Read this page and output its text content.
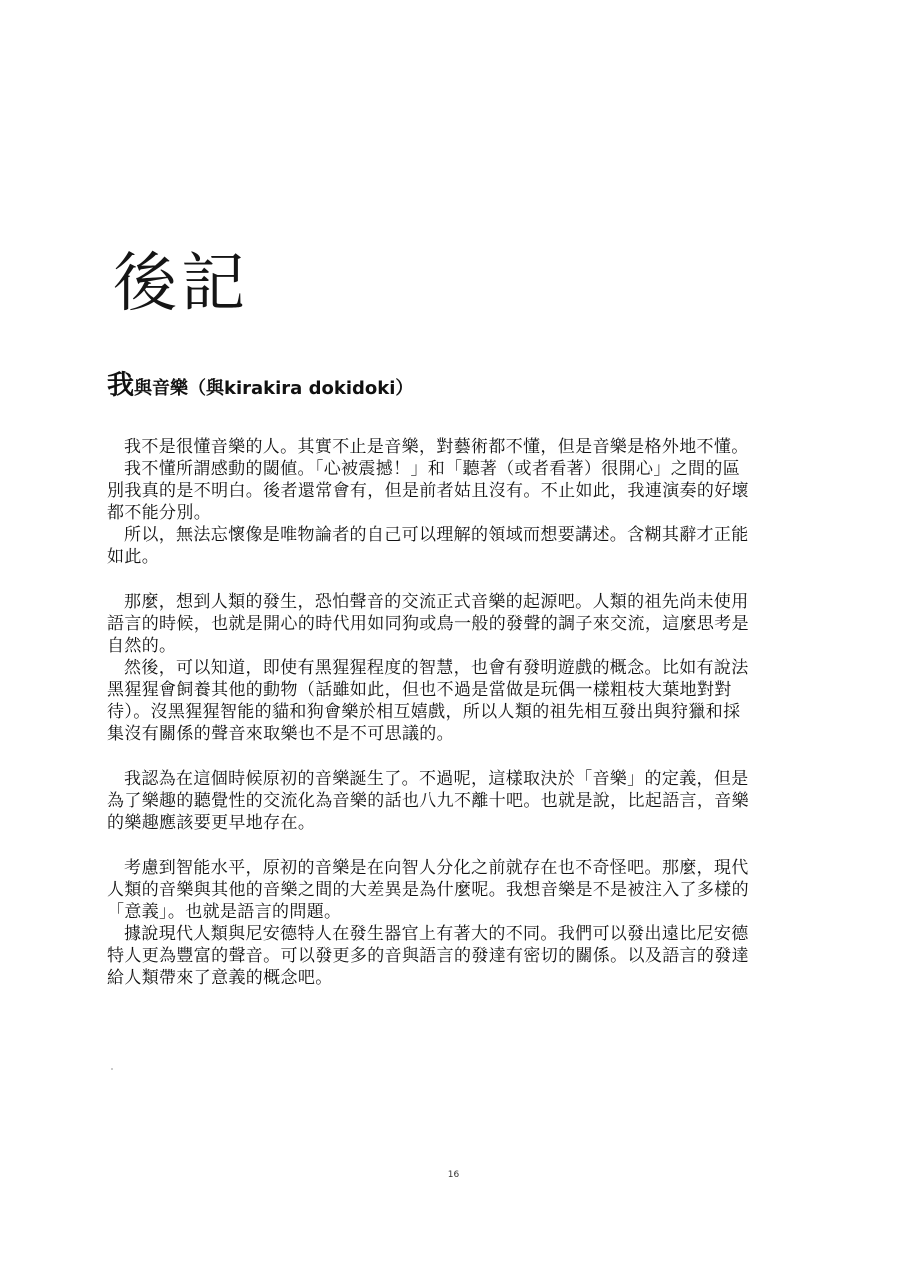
後記
我與音樂（與kirakira dokidoki）
我不是很懂音樂的人。其實不止是音樂，對藝術都不懂，但是音樂是格外地不懂。
我不懂所謂感動的閾値。「心被震撼！」和「聽著（或者看著）很開心」之間的區
別我真的是不明白。後者還常會有，但是前者姑且沒有。不止如此，我連演奏的好壞
都不能分別。
所以，無法忘懷像是唯物論者的自己可以理解的領域而想要講述。含糊其辭才正能
如此。
那麼，想到人類的發生，恐怕聲音的交流正式音樂的起源吧。人類的祖先尚未使用
語言的時候，也就是開心的時代用如同狗或鳥一般的發聲的調子來交流，這麼思考是
自然的。
然後，可以知道，即使有黑猩猩程度的智慧，也會有發明遊戲的概念。比如有說法
黑猩猩會飼養其他的動物（話雖如此，但也不過是當做是玩偶一樣粗枝大葉地對對
待）。沒黑猩猩智能的貓和狗會樂於相互嬉戲，所以人類的祖先相互發出與狩獵和採
集沒有關係的聲音來取樂也不是不可思議的。
我認為在這個時候原初的音樂誕生了。不過呢，這樣取決於「音樂」的定義，但是
為了樂趣的聽覺性的交流化為音樂的話也八九不離十吧。也就是說，比起語言，音樂
的樂趣應該要更早地存在。
考慮到智能水平，原初的音樂是在向智人分化之前就存在也不奇怪吧。那麼，現代
人類的音樂與其他的音樂之間的大差異是為什麼呢。我想音樂是不是被注入了多樣的
「意義」。也就是語言的問題。
據說現代人類與尼安德特人在發生器官上有著大的不同。我們可以發出遠比尼安德
特人更為豐富的聲音。可以發更多的音與語言的發達有密切的關係。以及語言的發達
給人類帶來了意義的概念吧。
16
